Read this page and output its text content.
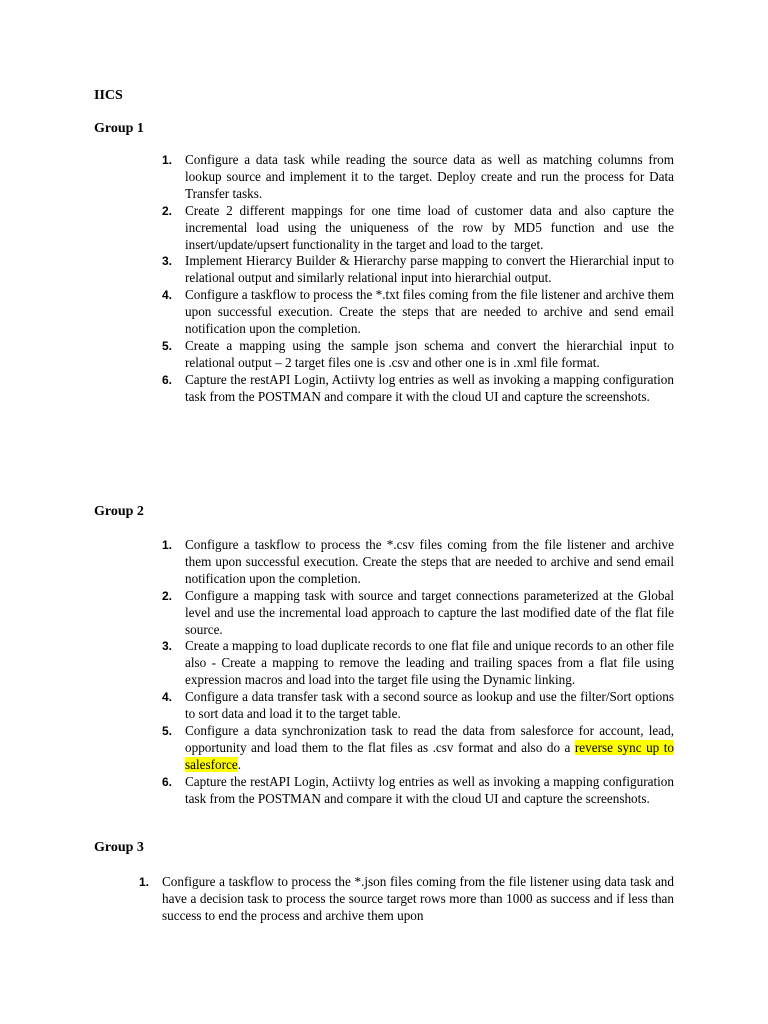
IICS
Group 1
1. Configure a data task while reading the source data as well as matching columns from lookup source and implement it to the target. Deploy create and run the process for Data Transfer tasks.
2. Create 2 different mappings for one time load of customer data and also capture the incremental load using the uniqueness of the row by MD5 function and use the insert/update/upsert functionality in the target and load to the target.
3. Implement Hierarcy Builder & Hierarchy parse mapping to convert the Hierarchial input to relational output and similarly relational input into hierarchial output.
4. Configure a taskflow to process the *.txt files coming from the file listener and archive them upon successful execution. Create the steps that are needed to archive and send email notification upon the completion.
5. Create a mapping using the sample json schema and convert the hierarchial input to relational output – 2 target files one is .csv and other one is in .xml file format.
6. Capture the restAPI Login, Actiivty log entries as well as invoking a mapping configuration task from the POSTMAN and compare it with the cloud UI and capture the screenshots.
Group 2
1. Configure a taskflow to process the *.csv files coming from the file listener and archive them upon successful execution. Create the steps that are needed to archive and send email notification upon the completion.
2. Configure a mapping task with source and target connections parameterized at the Global level and use the incremental load approach to capture the last modified date of the flat file source.
3. Create a mapping to load duplicate records to one flat file and unique records to an other file also - Create a mapping to remove the leading and trailing spaces from a flat file using expression macros and load into the target file using the Dynamic linking.
4. Configure a data transfer task with a second source as lookup and use the filter/Sort options to sort data and load it to the target table.
5. Configure a data synchronization task to read the data from salesforce for account, lead, opportunity and load them to the flat files as .csv format and also do a reverse sync up to salesforce.
6. Capture the restAPI Login, Actiivty log entries as well as invoking a mapping configuration task from the POSTMAN and compare it with the cloud UI and capture the screenshots.
Group 3
1. Configure a taskflow to process the *.json files coming from the file listener using data task and have a decision task to process the source target rows more than 1000 as success and if less than success to end the process and archive them upon
